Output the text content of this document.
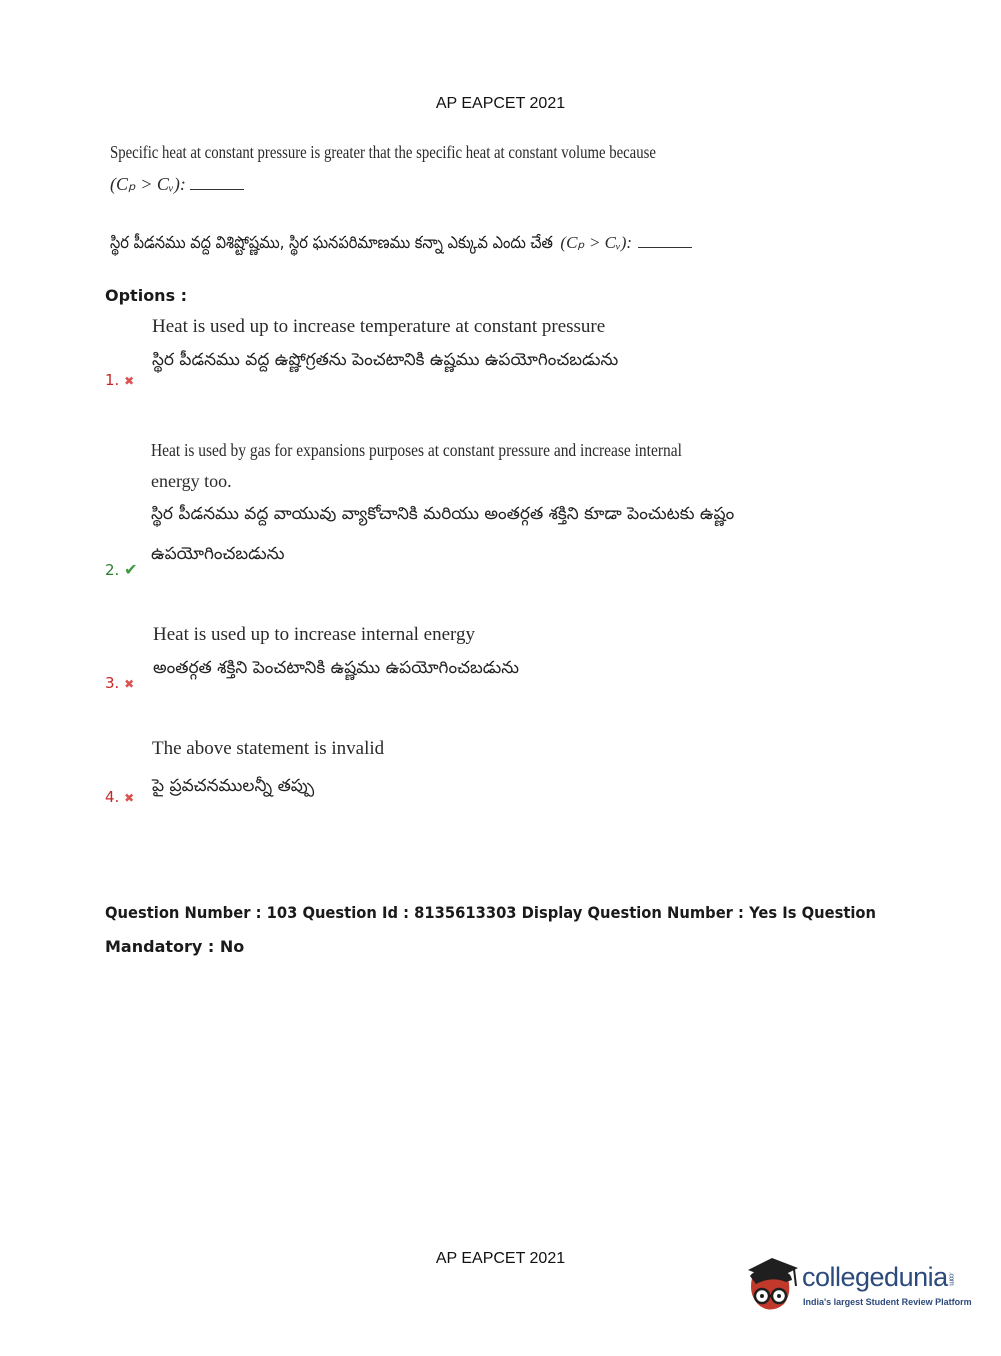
AP EAPCET 2021
Specific heat at constant pressure is greater that the specific heat at constant volume because
(Cₚ > Cᵥ):
స్థిర పీడనము వద్ద విశిష్టోష్ణము, స్థిర ఘనపరిమాణము కన్నా ఎక్కువ ఎందు చేత (Cₚ > Cᵥ):
Options :
Heat is used up to increase temperature at constant pressure
స్థిర పీడనము వద్ద ఉష్ణోగ్రతను పెంచటానికి ఉష్ణము ఉపయోగించబడును
1. ✖
Heat is used by gas for expansions purposes at constant pressure and increase internal
energy too.
స్థిర పీడనము వద్ద వాయువు వ్యాకోచానికి మరియు అంతర్గత శక్తిని కూడా పెంచుటకు ఉష్ణం
ఉపయోగించబడును
2. ✔
Heat is used up to increase internal energy
అంతర్గత శక్తిని పెంచటానికి ఉష్ణము ఉపయోగించబడును
3. ✖
The above statement is invalid
పై ప్రవచనములన్నీ తప్పు
4. ✖
Question Number : 103 Question Id : 8135613303 Display Question Number : Yes Is Question
Mandatory : No
AP EAPCET 2021
collegedunia.com
India's largest Student Review Platform
